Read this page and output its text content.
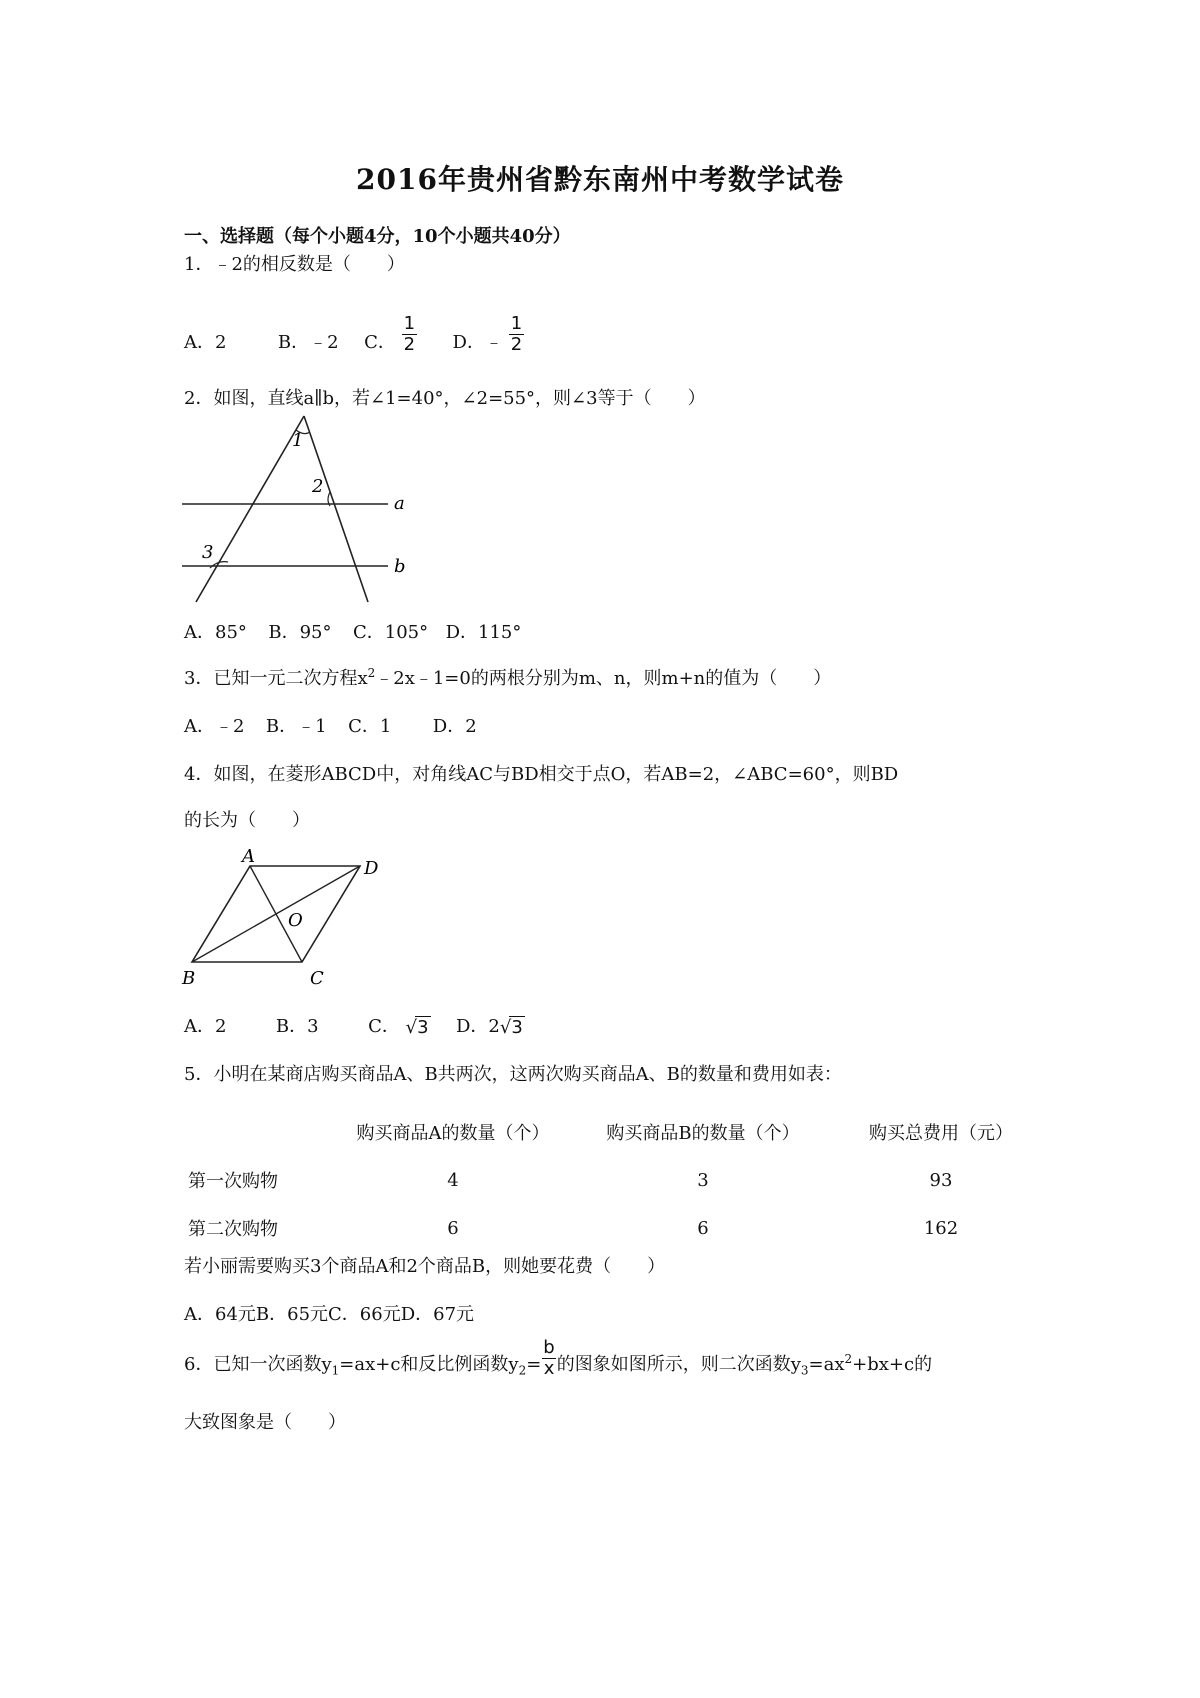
2016年贵州省黔东南州中考数学试卷
一、选择题（每个小题4分，10个小题共40分）
1．﹣2的相反数是（　　）
A．2	B．﹣2 C． $\frac{1}{2}$ D．﹣ $\frac{1}{2}$
2．如图，直线a∥b，若∠1=40°，∠2=55°，则∠3等于（　　）
1
2
3
a
b
A．85° B．95° C．105° D．115°
3．已知一元二次方程$x^2﹣2x﹣1=0$的两根分别为m、n，则m+n的值为（　　）
A．﹣2 B．﹣1 C．1 D．2
4．如图，在菱形ABCD中，对角线AC与BD相交于点O，若AB=2，∠ABC=60°，则BD
的长为（　　）
A
D
O
B	C
A．2	B．3	C． √3 D．2√3
5．小明在某商店购买商品A、B共两次，这两次购买商品A、B的数量和费用如表：
	购买商品A的数量（个）	购买商品B的数量（个）	购买总费用（元）
第一次购物	4	3	93
第二次购物	6	6	162
若小丽需要购买3个商品A和2个商品B，则她要花费（　　）
A．64元B．65元C．66元D．67元
6．已知一次函数$y_1=ax+c$和反比例函数$y_2= \frac{b}{x}$ 的图象如图所示，则二次函数$y_3=ax^2+bx+c$的
大致图象是（　　）
